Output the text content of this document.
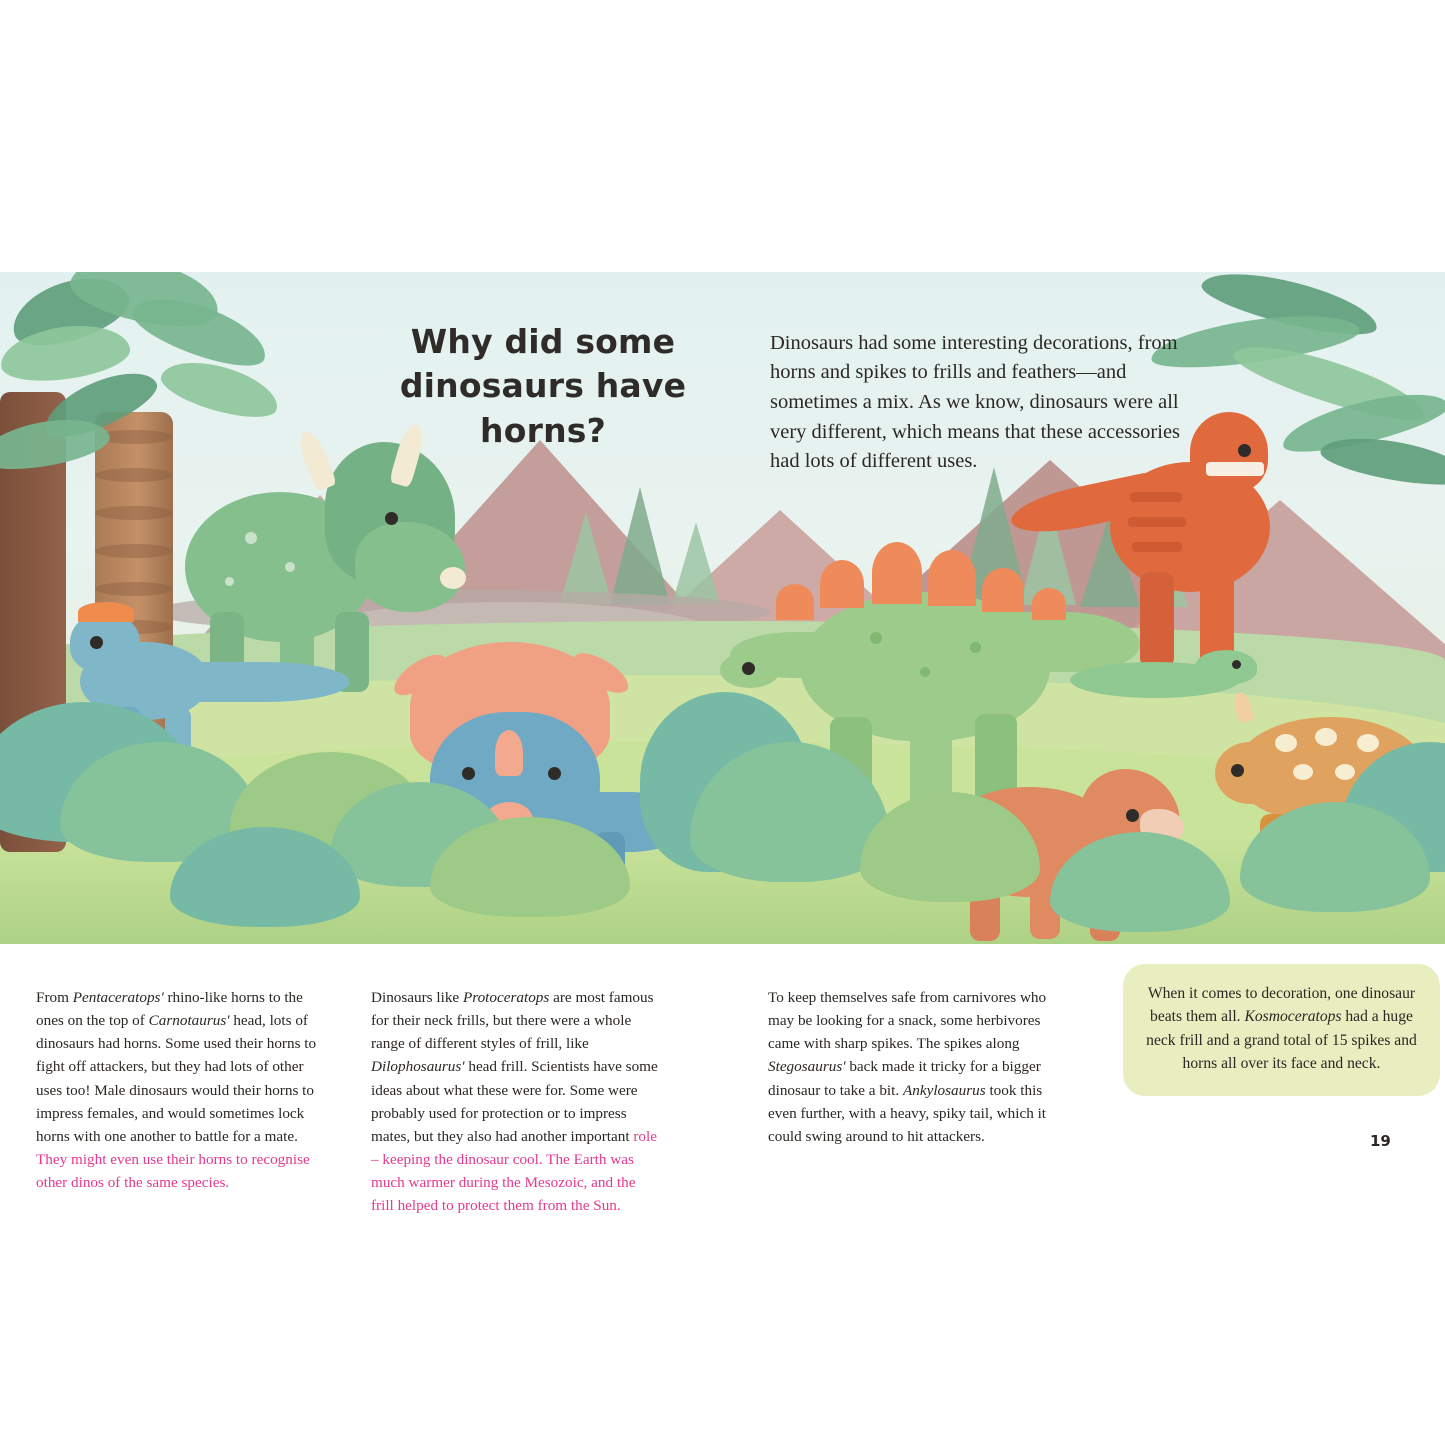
Why did some dinosaurs have horns?

Dinosaurs had some interesting decorations, from horns and spikes to frills and feathers—and sometimes a mix. As we know, dinosaurs were all very different, which means that these accessories had lots of different uses.

From Pentaceratops' rhino-like horns to the ones on the top of Carnotaurus' head, lots of dinosaurs had horns. Some used their horns to fight off attackers, but they had lots of other uses too! Male dinosaurs would their horns to impress females, and would sometimes lock horns with one another to battle for a mate. They might even use their horns to recognise other dinos of the same species.

Dinosaurs like Protoceratops are most famous for their neck frills, but there were a whole range of different styles of frill, like Dilophosaurus' head frill. Scientists have some ideas about what these were for. Some were probably used for protection or to impress mates, but they also had another important role – keeping the dinosaur cool. The Earth was much warmer during the Mesozoic, and the frill helped to protect them from the Sun.

To keep themselves safe from carnivores who may be looking for a snack, some herbivores came with sharp spikes. The spikes along Stegosaurus' back made it tricky for a bigger dinosaur to take a bit. Ankylosaurus took this even further, with a heavy, spiky tail, which it could swing around to hit attackers.

When it comes to decoration, one dinosaur beats them all. Kosmoceratops had a huge neck frill and a grand total of 15 spikes and horns all over its face and neck.
19
